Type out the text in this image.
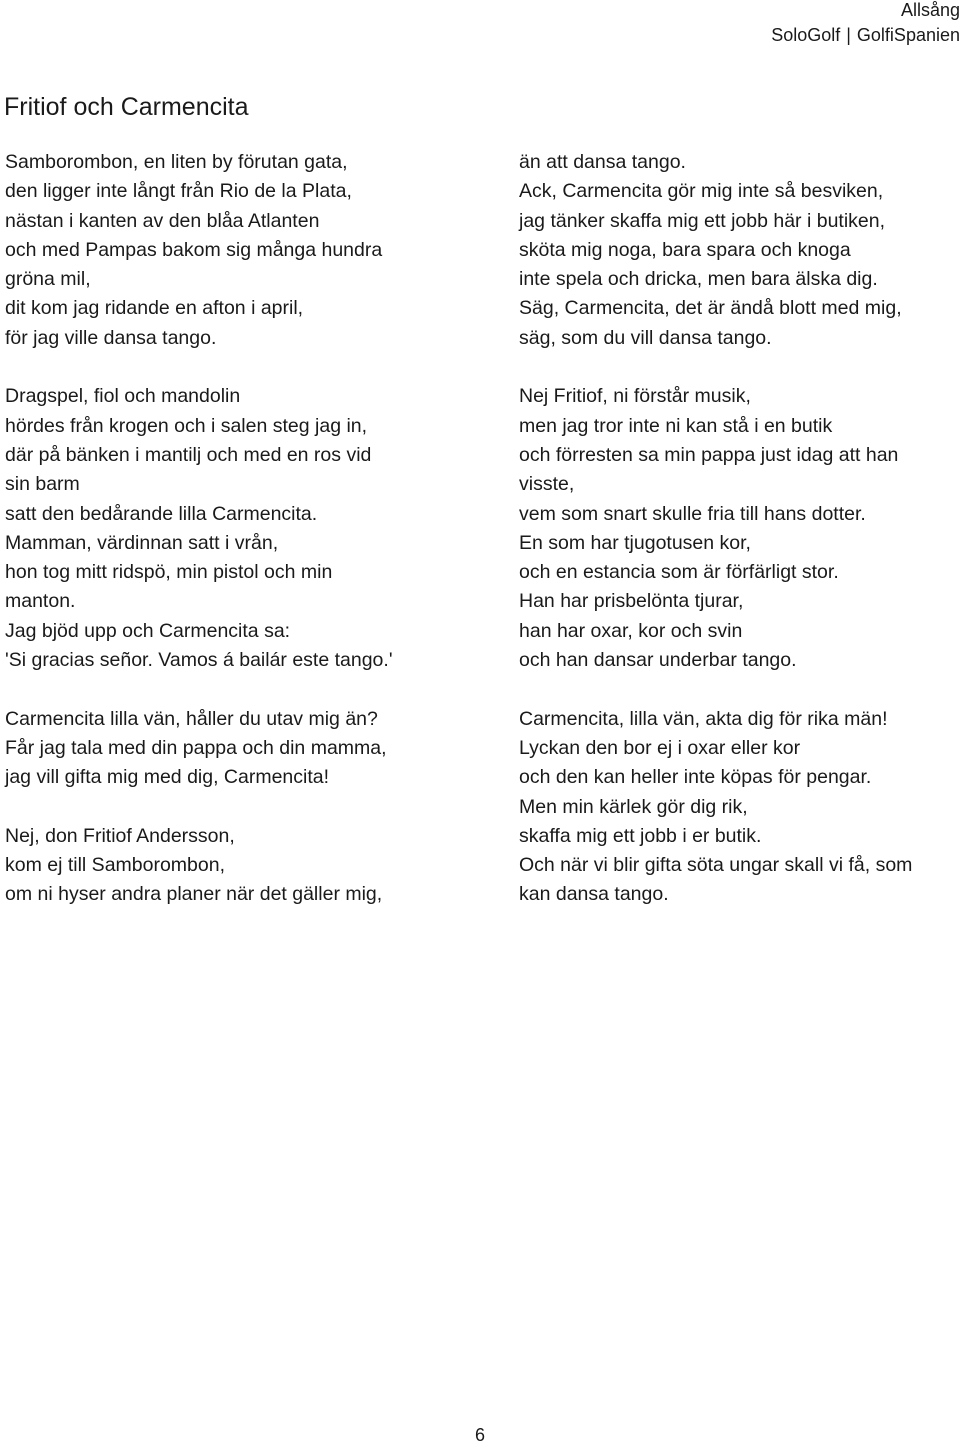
Allsång
SoloGolf | GolfiSpanien
Fritiof och Carmencita
Samborombon, en liten by förutan gata,
den ligger inte långt från Rio de la Plata,
nästan i kanten av den blåa Atlanten
och med Pampas bakom sig många hundra
gröna mil,
dit kom jag ridande en afton i april,
för jag ville dansa tango.
Dragspel, fiol och mandolin
hördes från krogen och i salen steg jag in,
där på bänken i mantilj och med en ros vid
sin barm
satt den bedårande lilla Carmencita.
Mamman, värdinnan satt i vrån,
hon tog mitt ridspö, min pistol och min
manton.
Jag bjöd upp och Carmencita sa:
'Si gracias señor. Vamos á bailár este tango.'
Carmencita lilla vän, håller du utav mig än?
Får jag tala med din pappa och din mamma,
jag vill gifta mig med dig, Carmencita!
Nej, don Fritiof Andersson,
kom ej till Samborombon,
om ni hyser andra planer när det gäller mig,
än att dansa tango.
Ack, Carmencita gör mig inte så besviken,
jag tänker skaffa mig ett jobb här i butiken,
sköta mig noga, bara spara och knoga
inte spela och dricka, men bara älska dig.
Säg, Carmencita, det är ändå blott med mig,
säg, som du vill dansa tango.
Nej Fritiof, ni förstår musik,
men jag tror inte ni kan stå i en butik
och förresten sa min pappa just idag att han
visste,
vem som snart skulle fria till hans dotter.
En som har tjugotusen kor,
och en estancia som är förfärligt stor.
Han har prisbelönta tjurar,
han har oxar, kor och svin
och han dansar underbar tango.
Carmencita, lilla vän, akta dig för rika män!
Lyckan den bor ej i oxar eller kor
och den kan heller inte köpas för pengar.
Men min kärlek gör dig rik,
skaffa mig ett jobb i er butik.
Och när vi blir gifta söta ungar skall vi få, som
kan dansa tango.
6
